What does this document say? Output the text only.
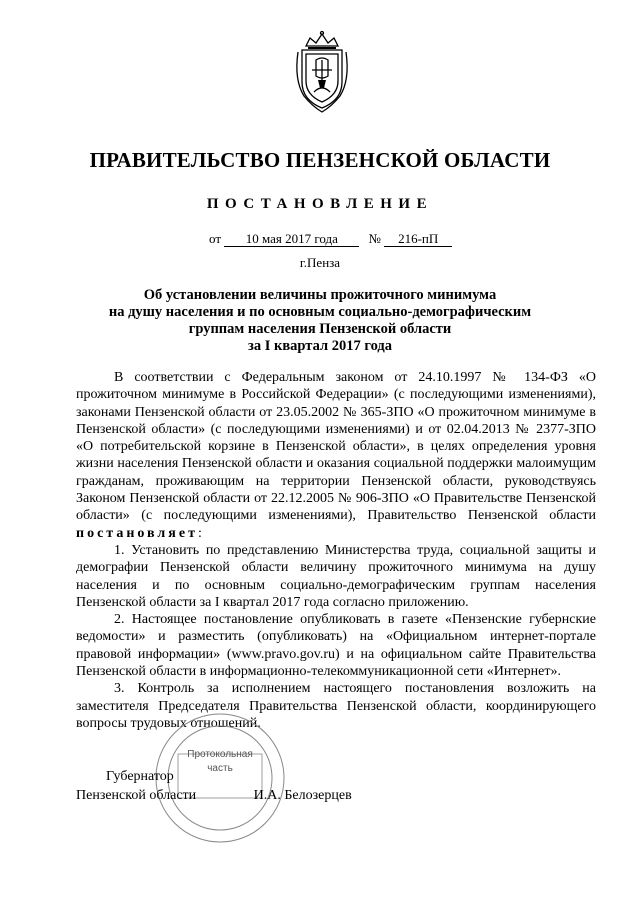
ПРАВИТЕЛЬСТВО ПЕНЗЕНСКОЙ ОБЛАСТИ
ПОСТАНОВЛЕНИЕ
от 10 мая 2017 года № 216-пП
г.Пенза
Об установлении величины прожиточного минимума
на душу населения и по основным социально-демографическим
группам населения Пензенской области
за I квартал 2017 года

В соответствии с Федеральным законом от 24.10.1997 № 134-ФЗ «О прожиточном минимуме в Российской Федерации» (с последующими изменениями), законами Пензенской области от 23.05.2002 № 365-ЗПО «О прожиточном минимуме в Пензенской области» (с последующими изменениями) и от 02.04.2013 № 2377-ЗПО «О потребительской корзине в Пензенской области», в целях определения уровня жизни населения Пензенской области и оказания социальной поддержки малоимущим гражданам, проживающим на территории Пензенской области, руководствуясь Законом Пензенской области от 22.12.2005 № 906-ЗПО «О Правительстве Пензенской области» (с последующими изменениями), Правительство Пензенской области постановляет:

1. Установить по представлению Министерства труда, социальной защиты и демографии Пензенской области величину прожиточного минимума на душу населения и по основным социально-демографическим группам населения Пензенской области за I квартал 2017 года согласно приложению.

2. Настоящее постановление опубликовать в газете «Пензенские губернские ведомости» и разместить (опубликовать) на «Официальном интернет-портале правовой информации» (www.pravo.gov.ru) и на официальном сайте Правительства Пензенской области в информационно-телекоммуникационной сети «Интернет».

3. Контроль за исполнением настоящего постановления возложить на заместителя Председателя Правительства Пензенской области, координирующего вопросы трудовых отношений.

Протокольная
часть
Губернатор
Пензенской области	И.А. Белозерцев
